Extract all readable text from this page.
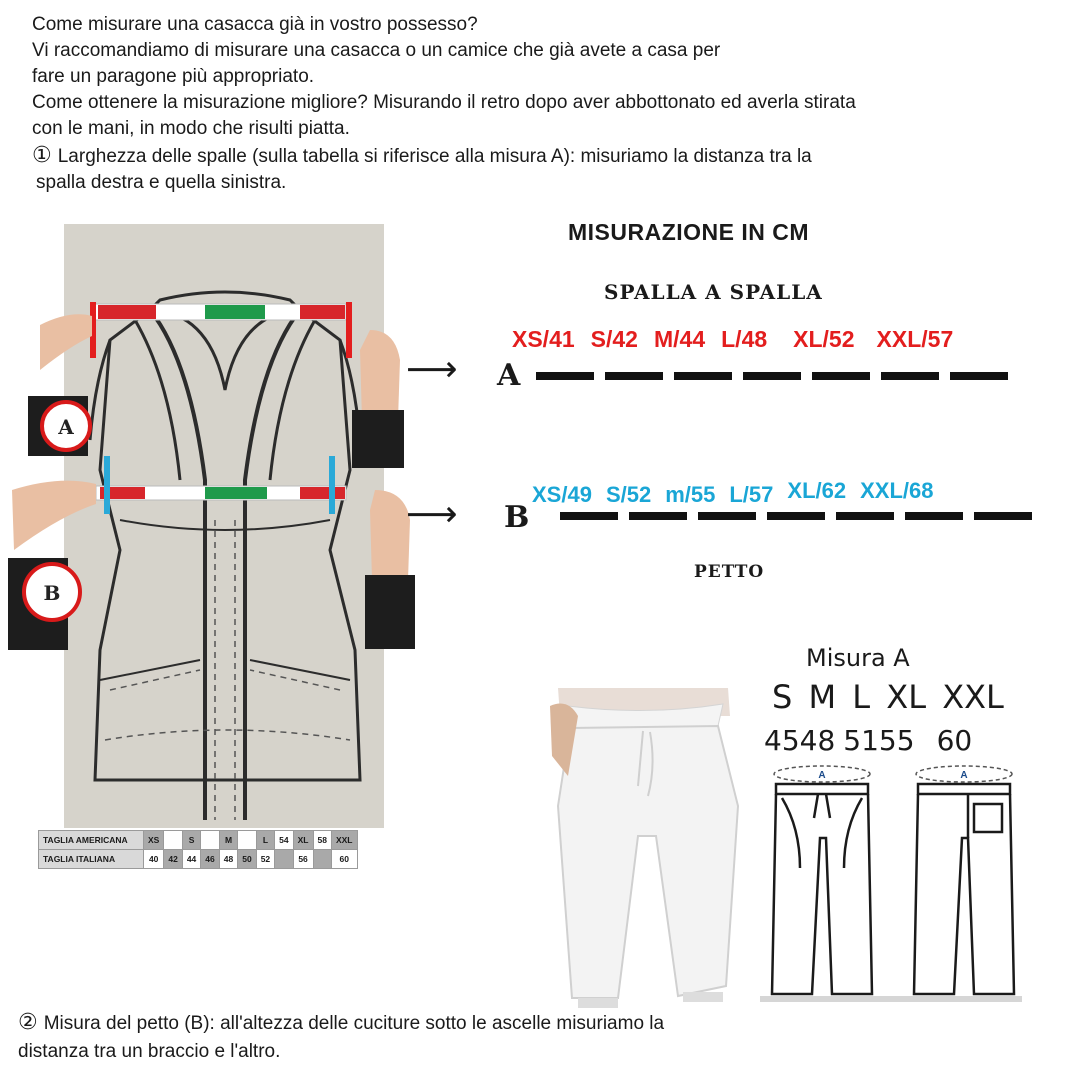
Come misurare una casacca già in vostro possesso?

Vi raccomandiamo di misurare una casacca o un camice che già avete a casa per

fare un paragone più appropriato.

Come ottenere la misurazione migliore? Misurando il retro dopo aver abbottonato ed averla stirata

con le mani, in modo che risulti piatta.

① Larghezza delle spalle (sulla tabella si riferisce alla misura A): misuriamo la distanza tra la

spalla destra e quella sinistra.

A
B
TAGLIA AMERICANA	XS		S		M		L	54	XL	58	XXL
TAGLIA ITALIANA	40	42	44	46	48	50	52		56		60
MISURAZIONE IN CM
SPALLA A SPALLA
⟶
XS/41 S/42 M/44 L/48 XL/52 XXL/57
A
⟶	XS/49 S/52 m/55 L/57 XL/62 XXL/68
B
PETTO
Misura A
S M L XL XXL
4548 5155 60
A	A

② Misura del petto (B): all'altezza delle cuciture sotto le ascelle misuriamo la

distanza tra un braccio e l'altro.
